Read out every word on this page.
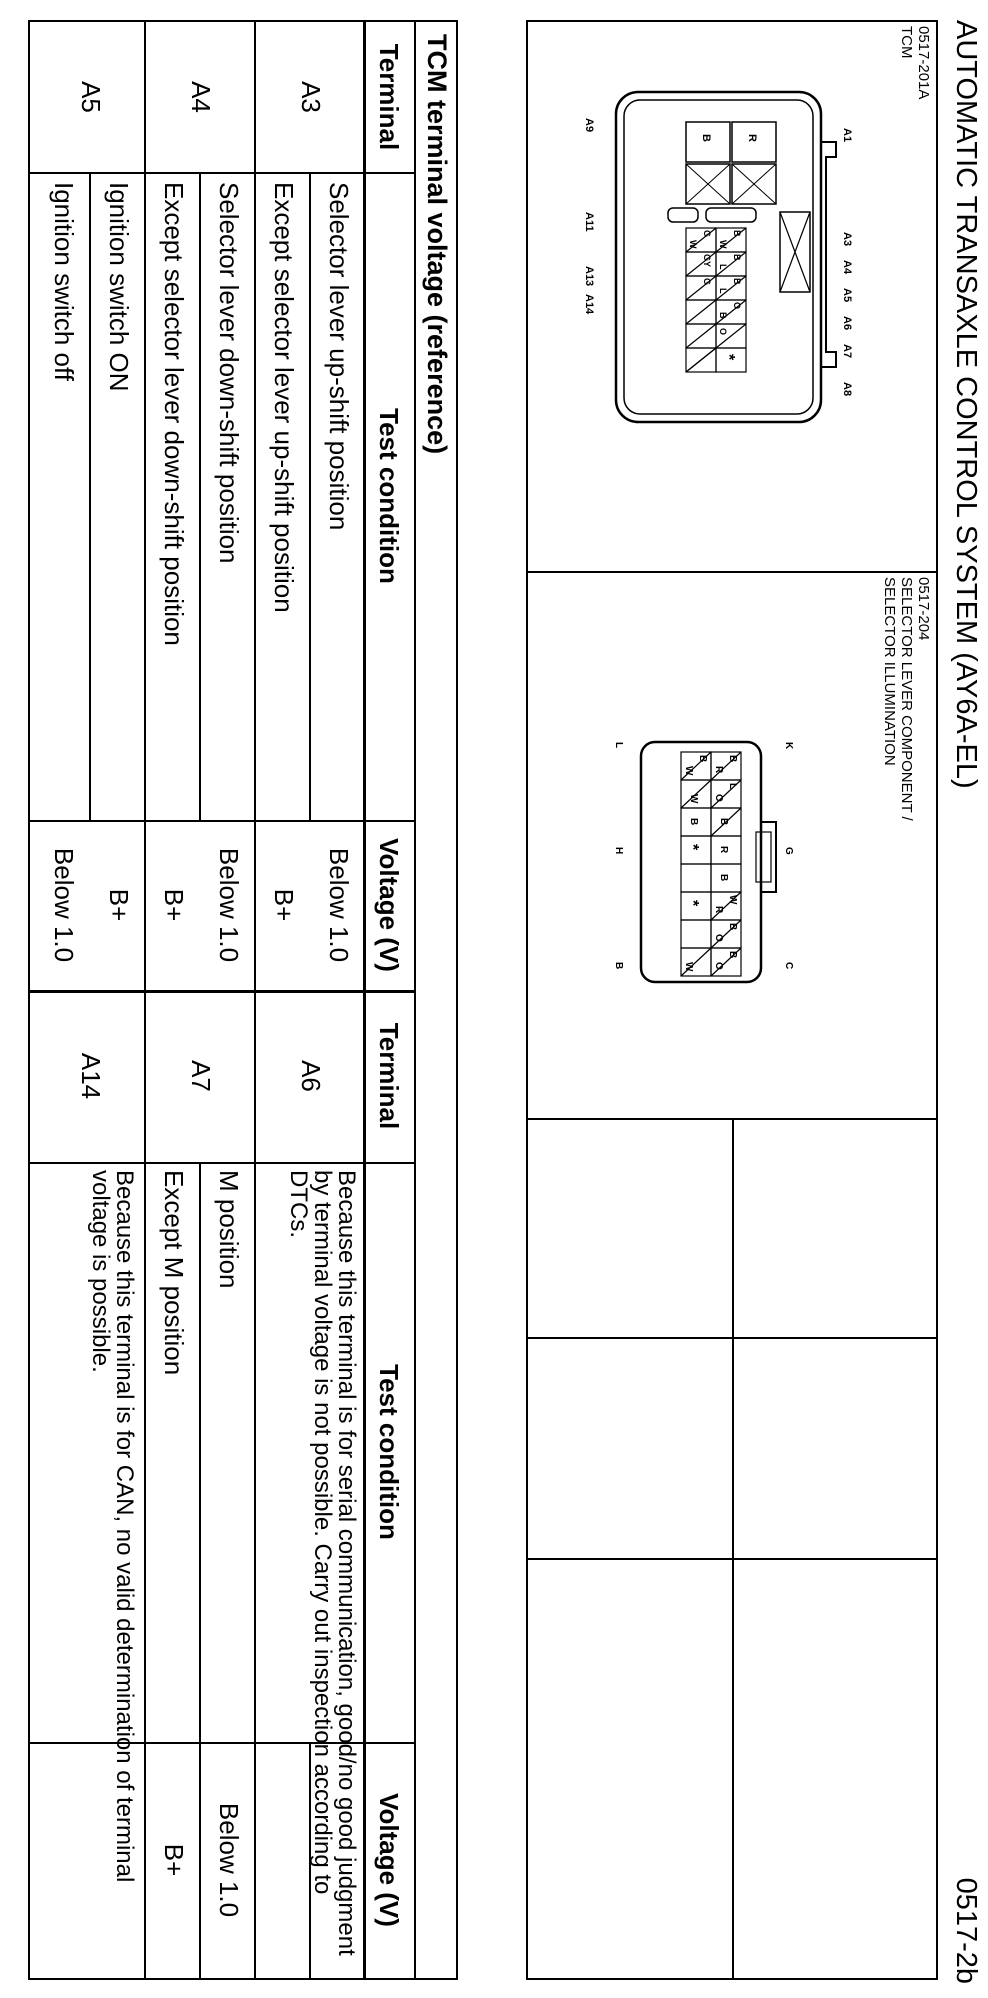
AUTOMATIC TRANSAXLE CONTROL SYSTEM (AY6A-EL)
0517-2b
0517-201A
TCM
R
B
B
W
B
L
B
L
O
B
O
*
G
W
GY
G
A1
A3
A4
A5
A6
A7
A8
A9
A11
A13
A14
0517-204
SELECTOR LEVER COMPONENT /
SELECTOR ILLUMINATION
B
R
L
O
B
R
B
W
R
B
O
B
O
B
W
W
B
*
*
W
K
G
C
L
H
B
TCM terminal voltage (reference)
Terminal
Test condition
Voltage (V)
Terminal
Test condition
Voltage (V)
A3
Selector lever up-shift position
Below 1.0
Except selector lever up-shift position
B+
A4
Selector lever down-shift position
Below 1.0
Except selector lever down-shift position
B+
A5
Ignition switch ON
B+
Ignition switch off
Below 1.0
A6
Because this terminal is for serial communication, good/no good judgment by terminal voltage is not possible. Carry out inspection according to DTCs.
A7
M position
Below 1.0
Except M position
B+
A14
Because this terminal is for CAN, no valid determination of terminal voltage is possible.
